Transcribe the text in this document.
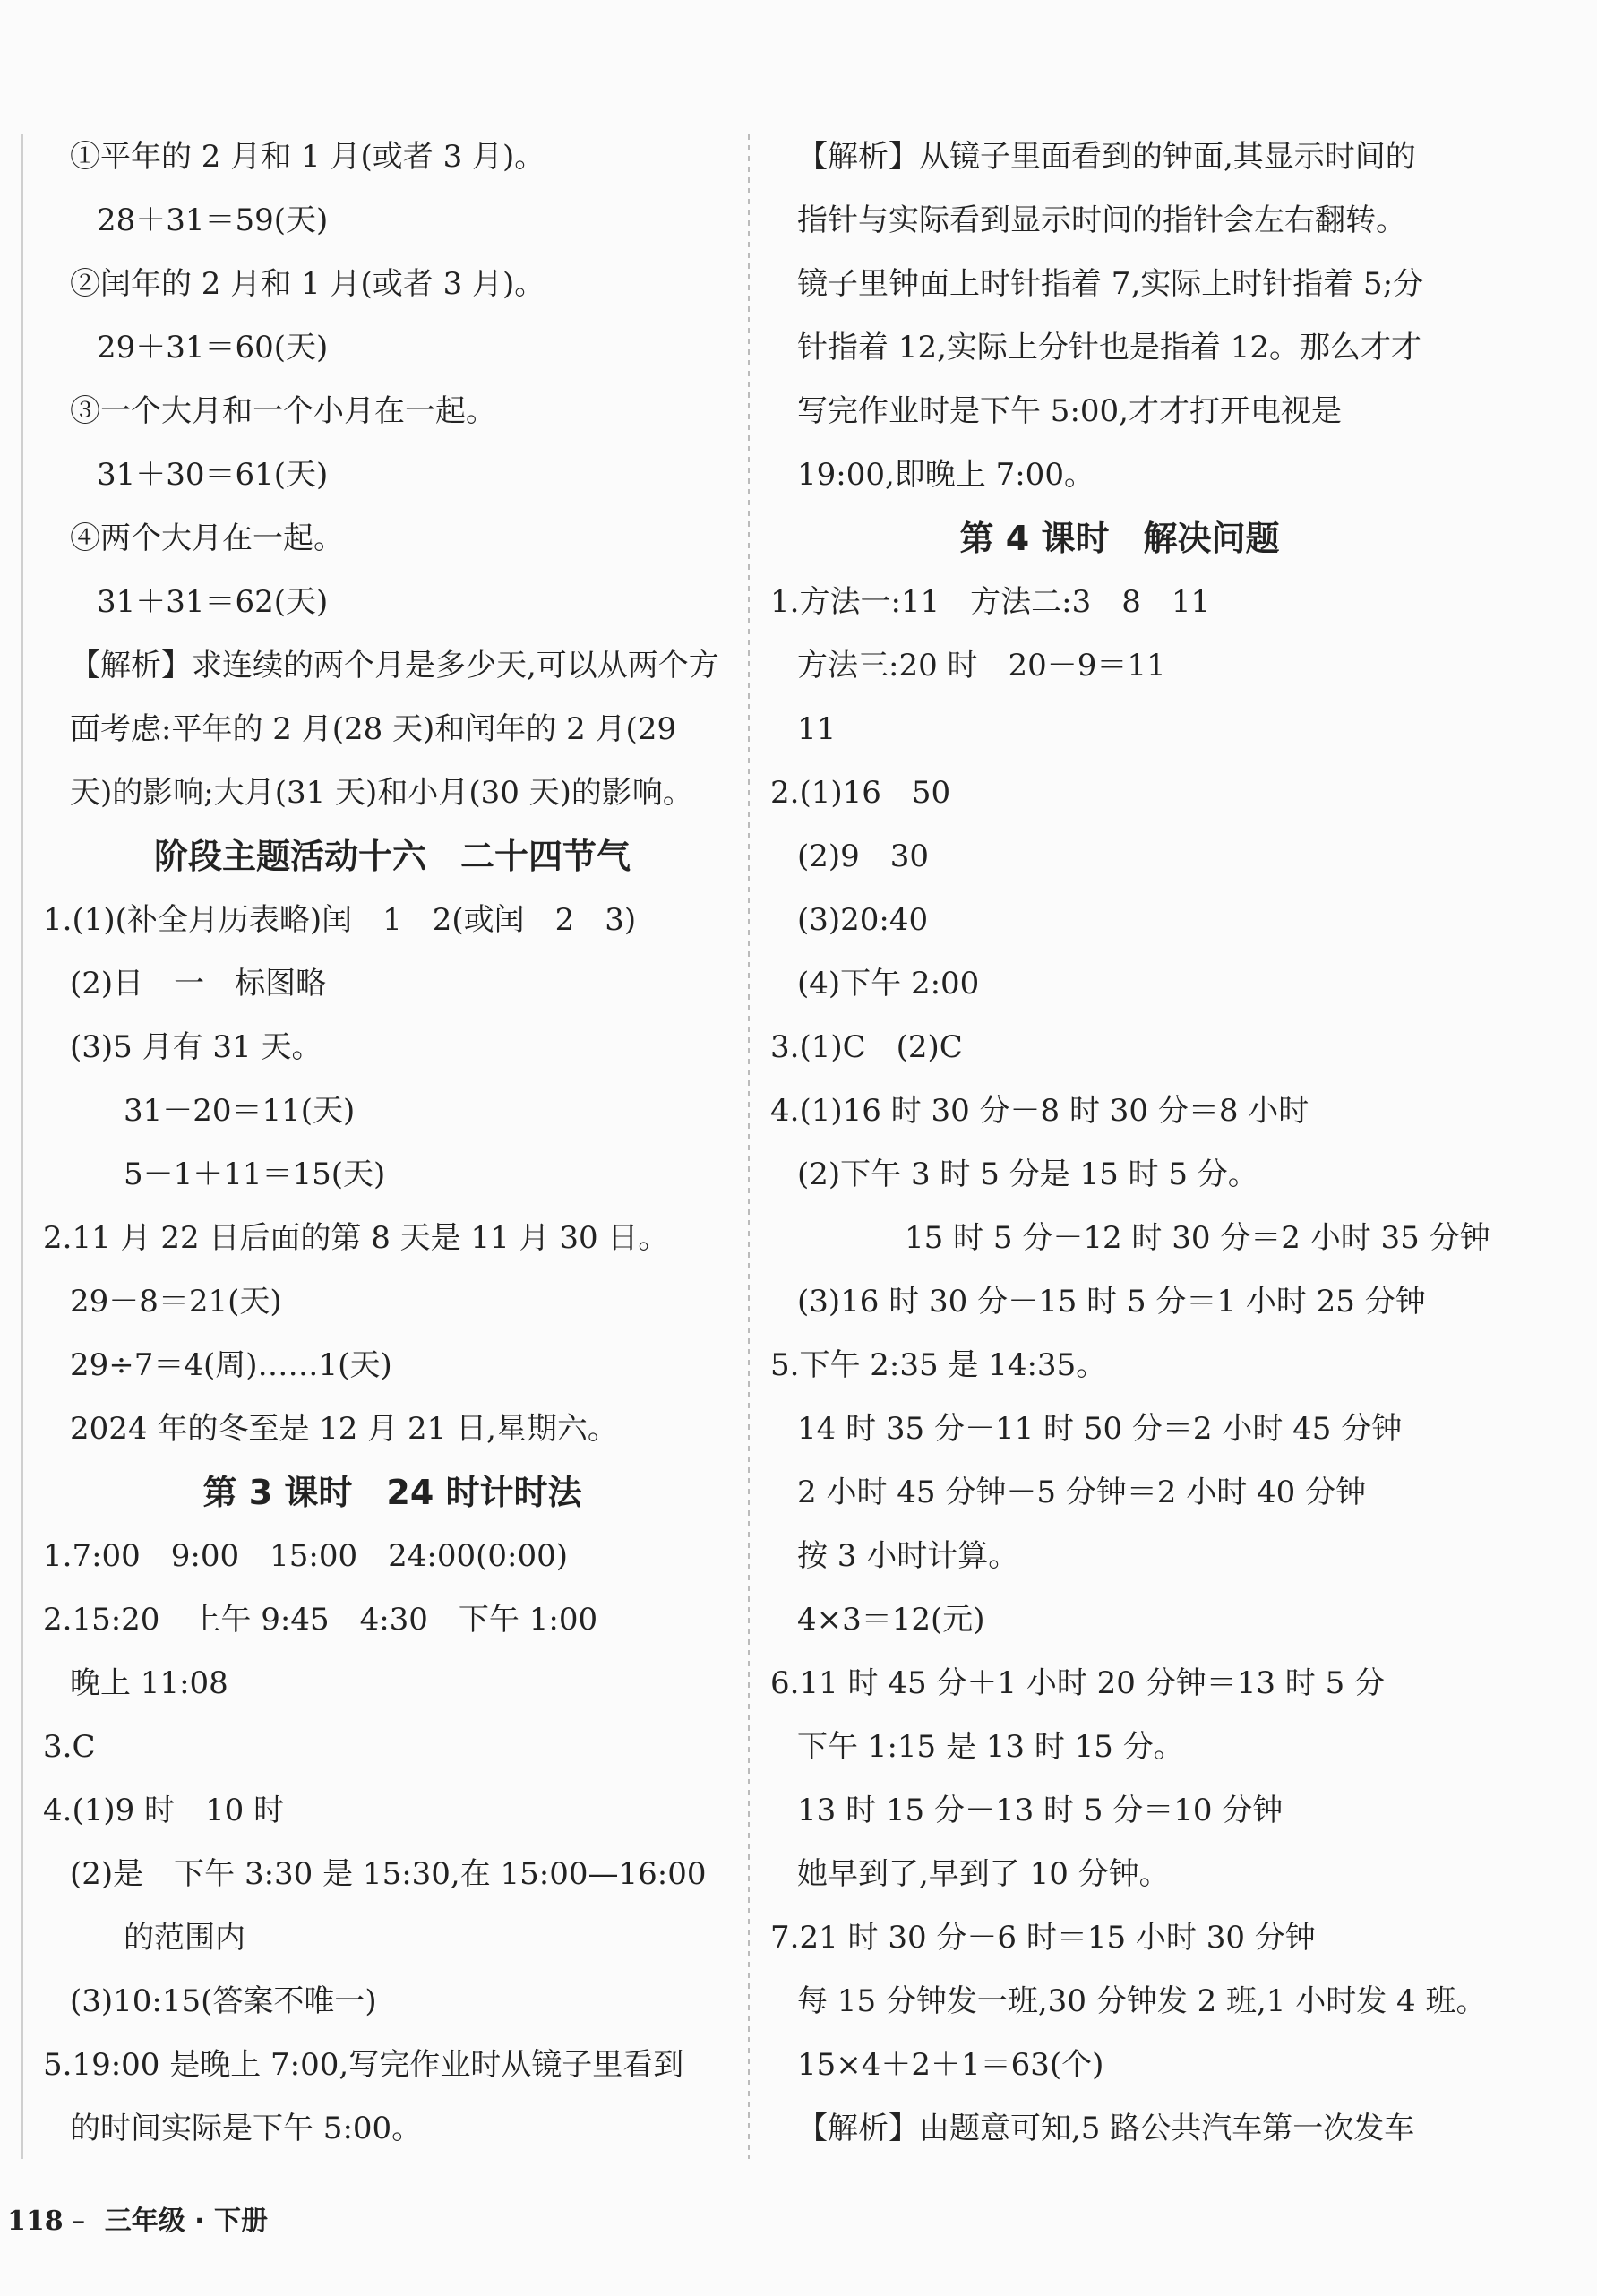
①平年的 2 月和 1 月(或者 3 月)。
28＋31＝59(天)
②闰年的 2 月和 1 月(或者 3 月)。
29＋31＝60(天)
③一个大月和一个小月在一起。
31＋30＝61(天)
④两个大月在一起。
31＋31＝62(天)
【解析】求连续的两个月是多少天,可以从两个方
面考虑:平年的 2 月(28 天)和闰年的 2 月(29
天)的影响;大月(31 天)和小月(30 天)的影响。
阶段主题活动十六　二十四节气
1.(1)(补全月历表略)闰　1　2(或闰　2　3)
(2)日　一　标图略
(3)5 月有 31 天。
31－20＝11(天)
5－1＋11＝15(天)
2.11 月 22 日后面的第 8 天是 11 月 30 日。
29－8＝21(天)
29÷7＝4(周)……1(天)
2024 年的冬至是 12 月 21 日,星期六。
第 3 课时　24 时计时法
1.7:00　9:00　15:00　24:00(0:00)
2.15:20　上午 9:45　4:30　下午 1:00
晚上 11:08
3.C
4.(1)9 时　10 时
(2)是　下午 3:30 是 15:30,在 15:00—16:00
的范围内
(3)10:15(答案不唯一)
5.19:00 是晚上 7:00,写完作业时从镜子里看到
的时间实际是下午 5:00。
【解析】从镜子里面看到的钟面,其显示时间的
指针与实际看到显示时间的指针会左右翻转。
镜子里钟面上时针指着 7,实际上时针指着 5;分
针指着 12,实际上分针也是指着 12。那么才才
写完作业时是下午 5:00,才才打开电视是
19:00,即晚上 7:00。
第 4 课时　解决问题
1.方法一:11　方法二:3　8　11
方法三:20 时　20－9＝11
11
2.(1)16　50
(2)9　30
(3)20:40
(4)下午 2:00
3.(1)C　(2)C
4.(1)16 时 30 分－8 时 30 分＝8 小时
(2)下午 3 时 5 分是 15 时 5 分。
15 时 5 分－12 时 30 分＝2 小时 35 分钟
(3)16 时 30 分－15 时 5 分＝1 小时 25 分钟
5.下午 2:35 是 14:35。
14 时 35 分－11 时 50 分＝2 小时 45 分钟
2 小时 45 分钟－5 分钟＝2 小时 40 分钟
按 3 小时计算。
4×3＝12(元)
6.11 时 45 分＋1 小时 20 分钟＝13 时 5 分
下午 1:15 是 13 时 15 分。
13 时 15 分－13 时 5 分＝10 分钟
她早到了,早到了 10 分钟。
7.21 时 30 分－6 时＝15 小时 30 分钟
每 15 分钟发一班,30 分钟发 2 班,1 小时发 4 班。
15×4＋2＋1＝63(个)
【解析】由题意可知,5 路公共汽车第一次发车
118 – 三年级 · 下册
